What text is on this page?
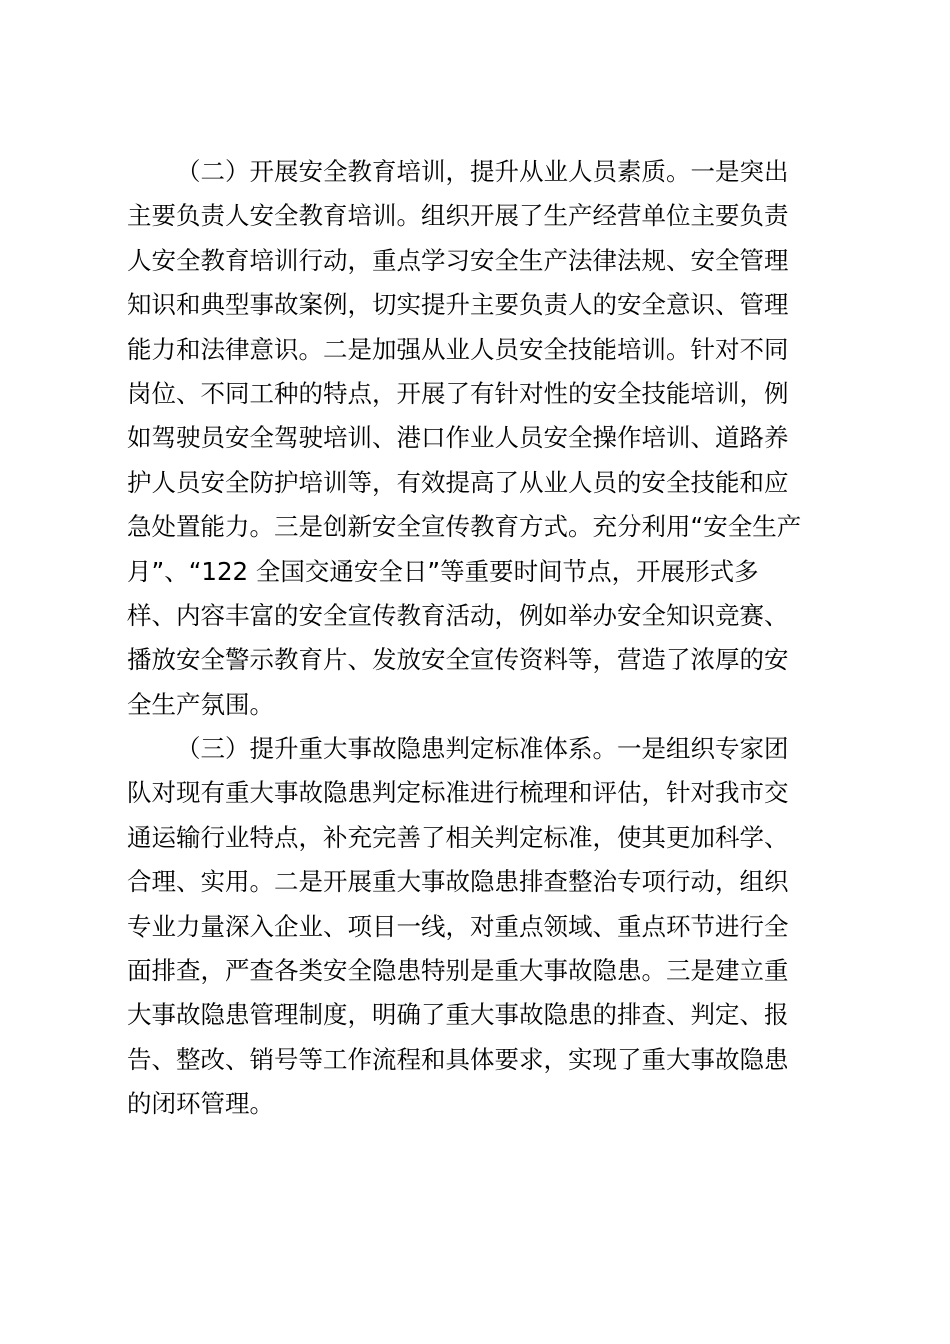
（二）开展安全教育培训，提升从业人员素质。一是突出
主要负责人安全教育培训。组织开展了生产经营单位主要负责
人安全教育培训行动，重点学习安全生产法律法规、安全管理
知识和典型事故案例，切实提升主要负责人的安全意识、管理
能力和法律意识。二是加强从业人员安全技能培训。针对不同
岗位、不同工种的特点，开展了有针对性的安全技能培训，例
如驾驶员安全驾驶培训、港口作业人员安全操作培训、道路养
护人员安全防护培训等，有效提高了从业人员的安全技能和应
急处置能力。三是创新安全宣传教育方式。充分利用“安全生产
月”、“122 全国交通安全日”等重要时间节点，开展形式多
样、内容丰富的安全宣传教育活动，例如举办安全知识竞赛、
播放安全警示教育片、发放安全宣传资料等，营造了浓厚的安
全生产氛围。
（三）提升重大事故隐患判定标准体系。一是组织专家团
队对现有重大事故隐患判定标准进行梳理和评估，针对我市交
通运输行业特点，补充完善了相关判定标准，使其更加科学、
合理、实用。二是开展重大事故隐患排查整治专项行动，组织
专业力量深入企业、项目一线，对重点领域、重点环节进行全
面排查，严查各类安全隐患特别是重大事故隐患。三是建立重
大事故隐患管理制度，明确了重大事故隐患的排查、判定、报
告、整改、销号等工作流程和具体要求，实现了重大事故隐患
的闭环管理。
